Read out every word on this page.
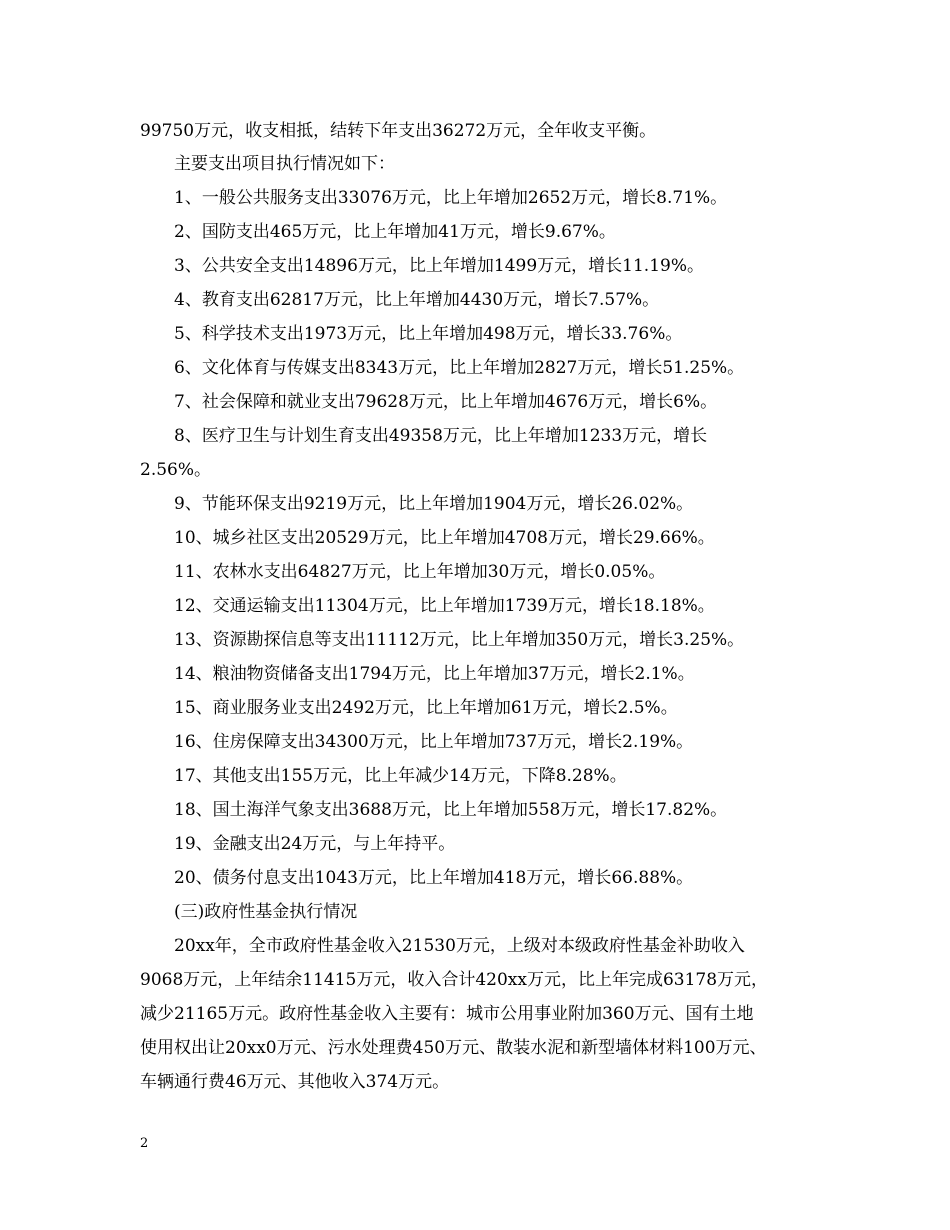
99750万元，收支相抵，结转下年支出36272万元，全年收支平衡。
主要支出项目执行情况如下：
1、一般公共服务支出33076万元，比上年增加2652万元，增长8.71%。
2、国防支出465万元，比上年增加41万元，增长9.67%。
3、公共安全支出14896万元，比上年增加1499万元，增长11.19%。
4、教育支出62817万元，比上年增加4430万元，增长7.57%。
5、科学技术支出1973万元，比上年增加498万元，增长33.76%。
6、文化体育与传媒支出8343万元，比上年增加2827万元，增长51.25%。
7、社会保障和就业支出79628万元，比上年增加4676万元，增长6%。
8、医疗卫生与计划生育支出49358万元，比上年增加1233万元，增长
2.56%。
9、节能环保支出9219万元，比上年增加1904万元，增长26.02%。
10、城乡社区支出20529万元，比上年增加4708万元，增长29.66%。
11、农林水支出64827万元，比上年增加30万元，增长0.05%。
12、交通运输支出11304万元，比上年增加1739万元，增长18.18%。
13、资源勘探信息等支出11112万元，比上年增加350万元，增长3.25%。
14、粮油物资储备支出1794万元，比上年增加37万元，增长2.1%。
15、商业服务业支出2492万元，比上年增加61万元，增长2.5%。
16、住房保障支出34300万元，比上年增加737万元，增长2.19%。
17、其他支出155万元，比上年减少14万元，下降8.28%。
18、国土海洋气象支出3688万元，比上年增加558万元，增长17.82%。
19、金融支出24万元，与上年持平。
20、债务付息支出1043万元，比上年增加418万元，增长66.88%。
(三)政府性基金执行情况
20xx年，全市政府性基金收入21530万元，上级对本级政府性基金补助收入
9068万元，上年结余11415万元，收入合计420xx万元，比上年完成63178万元，
减少21165万元。政府性基金收入主要有：城市公用事业附加360万元、国有土地
使用权出让20xx0万元、污水处理费450万元、散装水泥和新型墙体材料100万元、
车辆通行费46万元、其他收入374万元。
2
